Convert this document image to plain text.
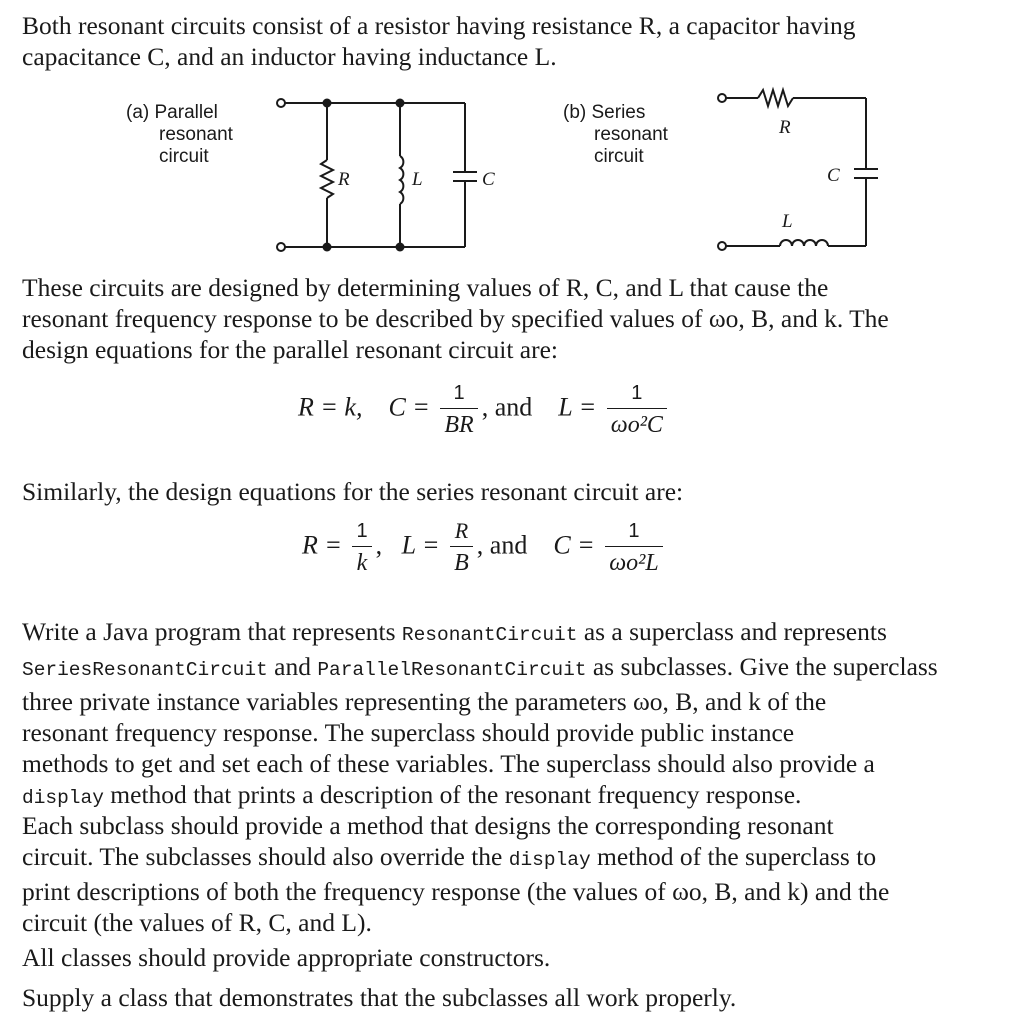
Both resonant circuits consist of a resistor having resistance R, a capacitor having
capacitance C, and an inductor having inductance L.

(a) Parallel
resonant
circuit
(b) Series
resonant
circuit
R	L	C
R
C
L

These circuits are designed by determining values of R, C, and L that cause the
resonant frequency response to be described by specified values of ωo, B, and k. The
design equations for the parallel resonant circuit are:

R = k, $C = \frac{1}{BR}$ , and $L = \frac{1}{\text{ωo²C}}$

Similarly, the design equations for the series resonant circuit are:

$R = \frac{1}{k}$ ,   $L = \frac{R}{B}$ , and $C = \frac{1}{\text{ωo²L}}$

Write a Java program that represents ResonantCircuit as a superclass and represents
SeriesResonantCircuit and ParallelResonantCircuit as subclasses. Give the superclass
three private instance variables representing the parameters ωo, B, and k of the
resonant frequency response. The superclass should provide public instance
methods to get and set each of these variables. The superclass should also provide a
display method that prints a description of the resonant frequency response.

Each subclass should provide a method that designs the corresponding resonant
circuit. The subclasses should also override the display method of the superclass to
print descriptions of both the frequency response (the values of ωo, B, and k) and the
circuit (the values of R, C, and L).

All classes should provide appropriate constructors.

Supply a class that demonstrates that the subclasses all work properly.
